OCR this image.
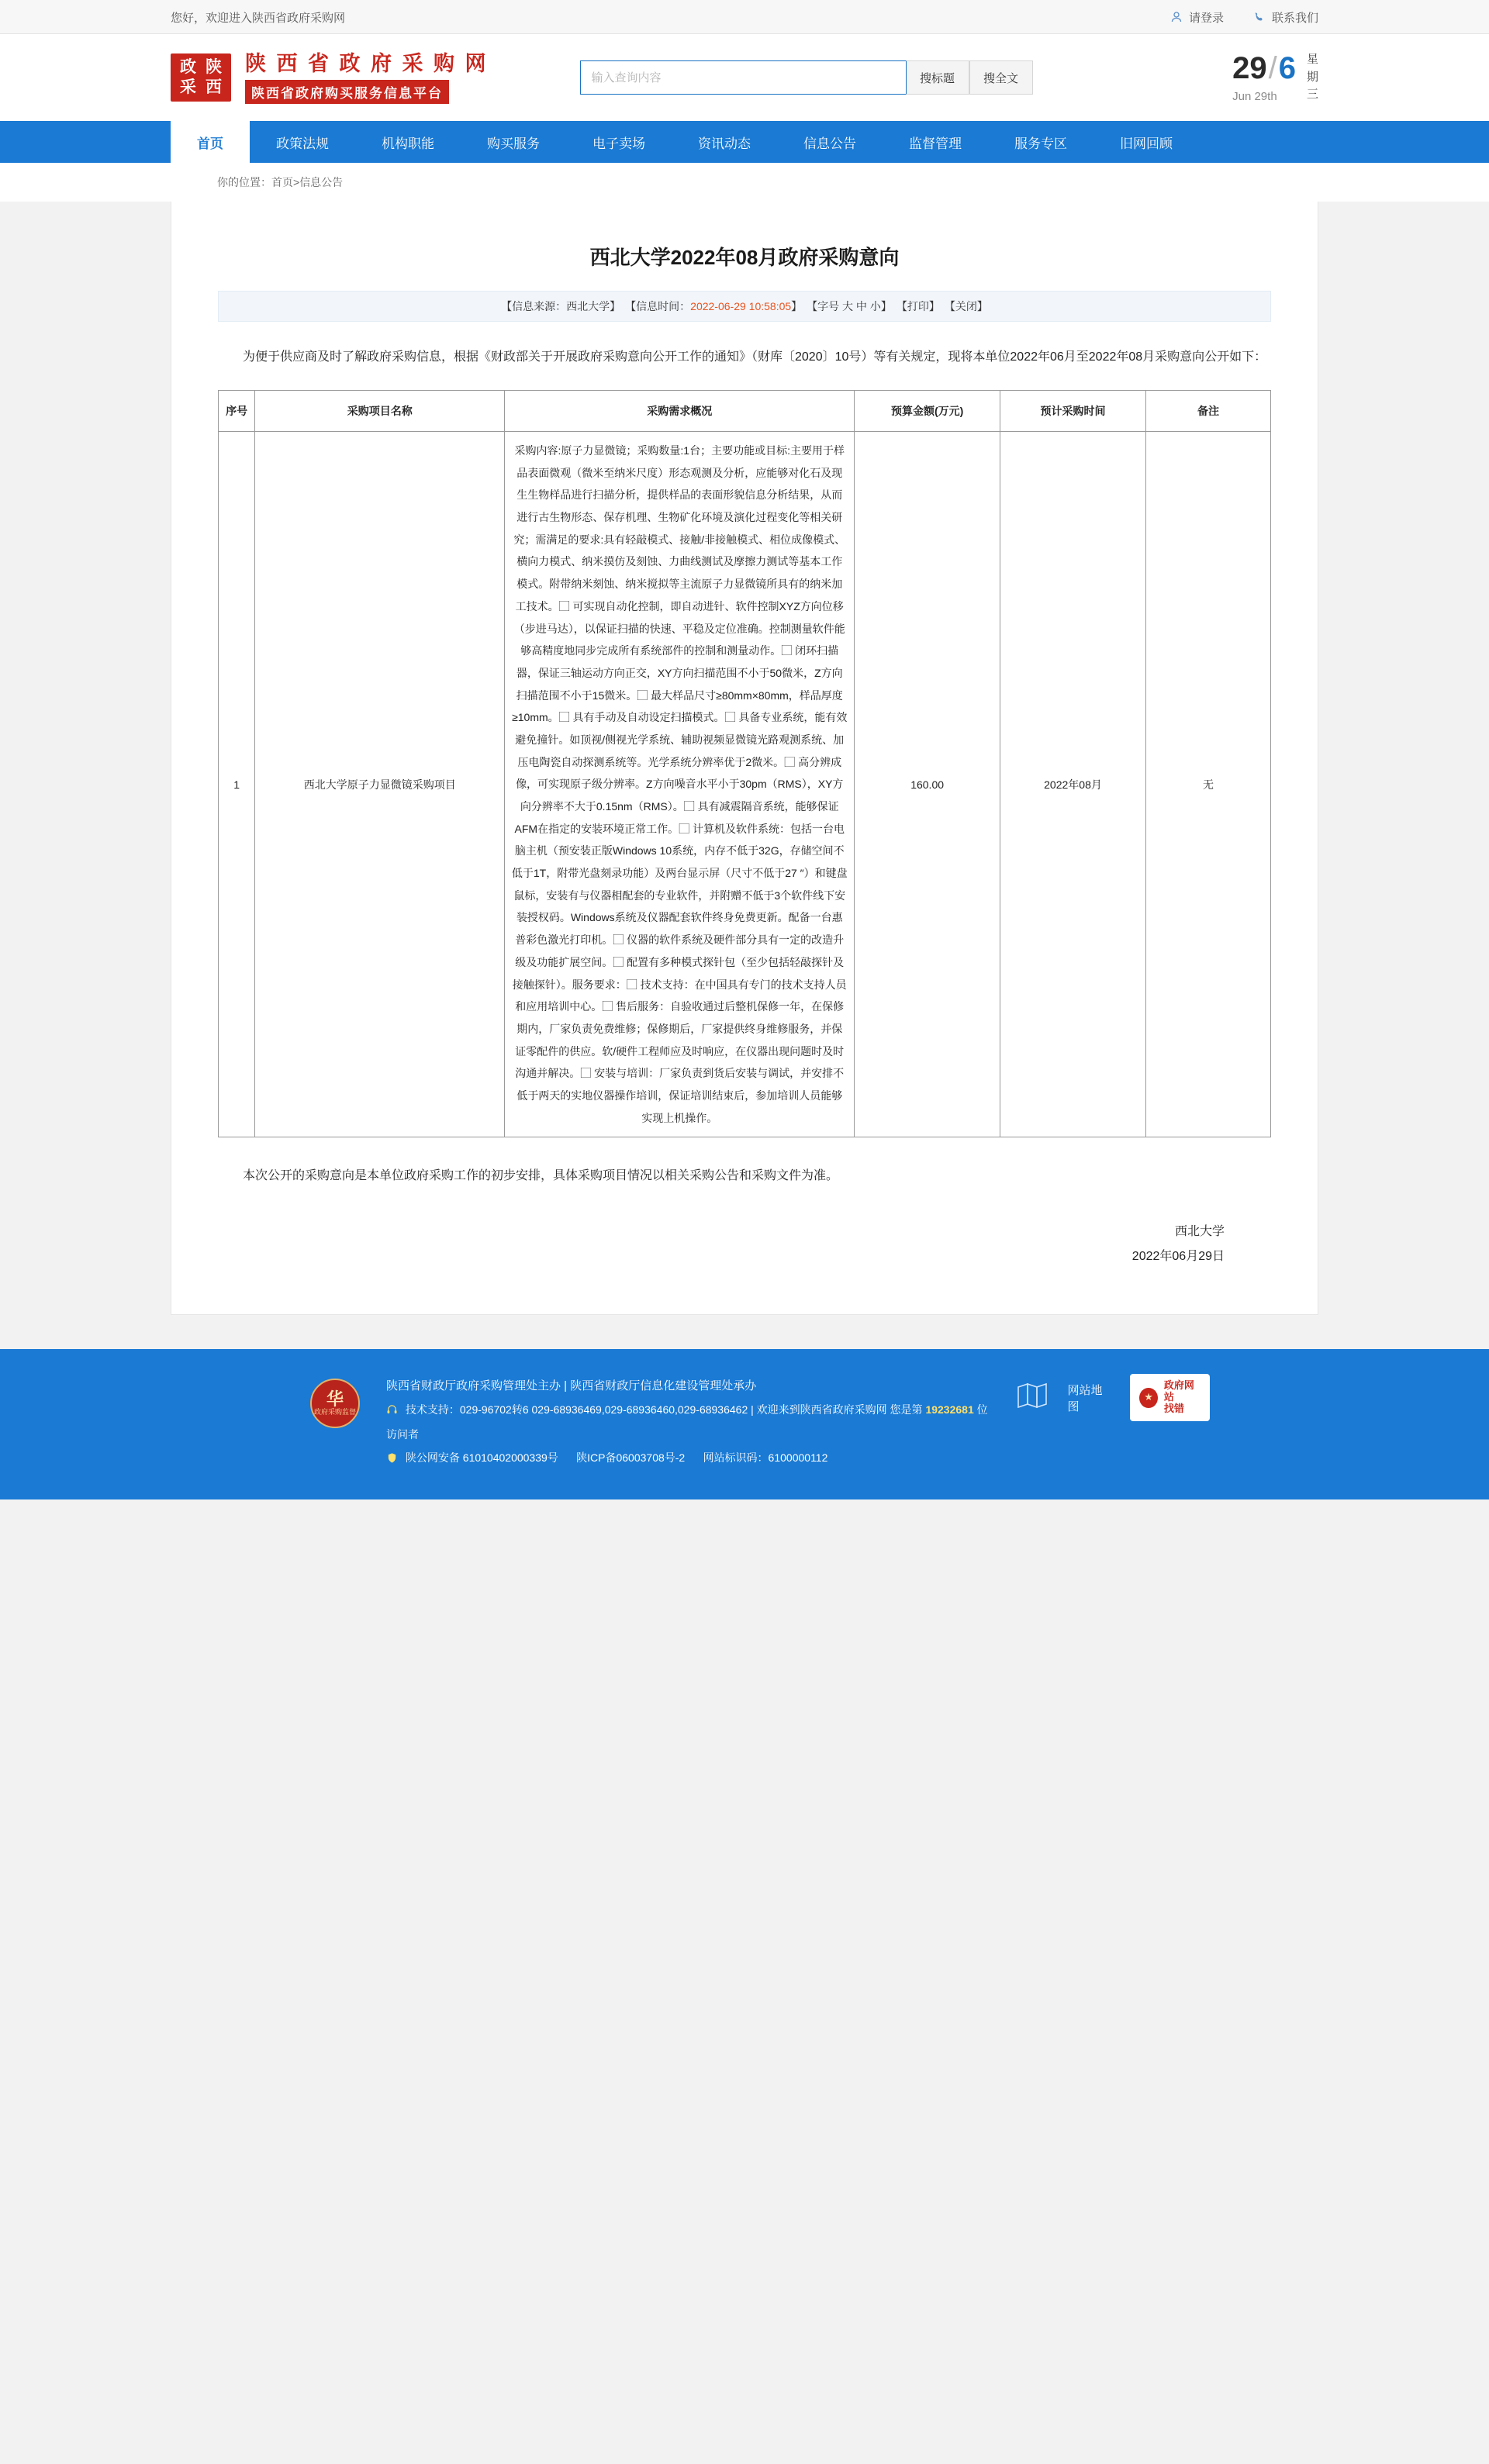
您好，欢迎进入陕西省政府采购网	请登录	联系我们
政 陕
采 西
陕 西 省 政 府 采 购 网
陕西省政府购买服务信息平台
输入查询内容
搜标题	搜全文	29/6
Jun 29th
星
期
三
首页	政策法规	机构职能	购买服务	电子卖场	资讯动态	信息公告	监督管理	服务专区	旧网回顾
你的位置： 首页 > 信息公告
西北大学2022年08月政府采购意向
【信息来源：西北大学】 【信息时间：2022-06-29 10:58:05】 【字号 大 中 小】 【打印】 【关闭】

为便于供应商及时了解政府采购信息，根据《财政部关于开展政府采购意向公开工作的通知》（财库〔2020〕10号）等有关规定，现将本单位2022年06月至2022年08月采购意向公开如下：

序号	采购项目名称	采购需求概况	预算金额(万元)	预计采购时间	备注
1	西北大学原子力显微镜采购项目	采购内容:原子力显微镜；采购数量:1台；主要功能或目标:主要用于样品表面微观（微米至纳米尺度）形态观测及分析，应能够对化石及现生生物样品进行扫描分析，提供样品的表面形貌信息分析结果，从而进行古生物形态、保存机理、生物矿化环境及演化过程变化等相关研究；需满足的要求:具有轻敲模式、接触/非接触模式、相位成像模式、横向力模式、纳米摸仿及刻蚀、力曲线测试及摩擦力测试等基本工作模式。附带纳米刻蚀、纳米搅拟等主流原子力显微镜所具有的纳米加工技术。⃞ 可实现自动化控制，即自动进针、软件控制XYZ方向位移（步进马达），以保证扫描的快速、平稳及定位准确。控制测量软件能够高精度地同步完成所有系统部件的控制和测量动作。⃞ 闭环扫描器，保证三轴运动方向正交，XY方向扫描范围不小于50微米，Z方向扫描范围不小于15微米。⃞ 最大样品尺寸≥80mm×80mm，样品厚度≥10mm。⃞ 具有手动及自动设定扫描模式。⃞ 具备专业系统，能有效避免撞针。如顶视/侧视光学系统、辅助视频显微镜光路观测系统、加压电陶瓷自动探测系统等。光学系统分辨率优于2微米。⃞ 高分辨成像，可实现原子级分辨率。Z方向噪音水平小于30pm（RMS），XY方向分辨率不大于0.15nm（RMS）。⃞ 具有减震隔音系统，能够保证AFM在指定的安装环境正常工作。⃞ 计算机及软件系统：包括一台电脑主机（预安装正版Windows 10系统，内存不低于32G，存储空间不低于1T，附带光盘刻录功能）及两台显示屏（尺寸不低于27 ″）和键盘鼠标，安装有与仪器相配套的专业软件，并附赠不低于3个软件线下安装授权码。Windows系统及仪器配套软件终身免费更新。配备一台惠普彩色激光打印机。⃞ 仪器的软件系统及硬件部分具有一定的改造升级及功能扩展空间。⃞ 配置有多种模式探针包（至少包括轻敲探针及接触探针）。服务要求：⃞ 技术支持：在中国具有专门的技术支持人员和应用培训中心。⃞ 售后服务：自验收通过后整机保修一年，在保修期内，厂家负责免费维修；保修期后，厂家提供终身维修服务，并保证零配件的供应。软/硬件工程师应及时响应，在仪器出现问题时及时沟通并解决。⃞ 安装与培训：厂家负责到货后安装与调试，并安排不低于两天的实地仪器操作培训，保证培训结束后，参加培训人员能够实现上机操作。	160.00	2022年08月	无

本次公开的采购意向是本单位政府采购工作的初步安排，具体采购项目情况以相关采购公告和采购文件为准。

西北大学
2022年06月29日
华
政府采购监督
陕西省财政厅政府采购管理处主办 | 陕西省财政厅信息化建设管理处承办
技术支持：029-96702转6 029-68936469,029-68936460,029-68936462 | 欢迎来到陕西省政府采购网 您是第 19232681 位访问者
陕公网安备 61010402000339号 陕ICP备06003708号-2 网站标识码：6100000112
网站地图
★
政府网站
找错
